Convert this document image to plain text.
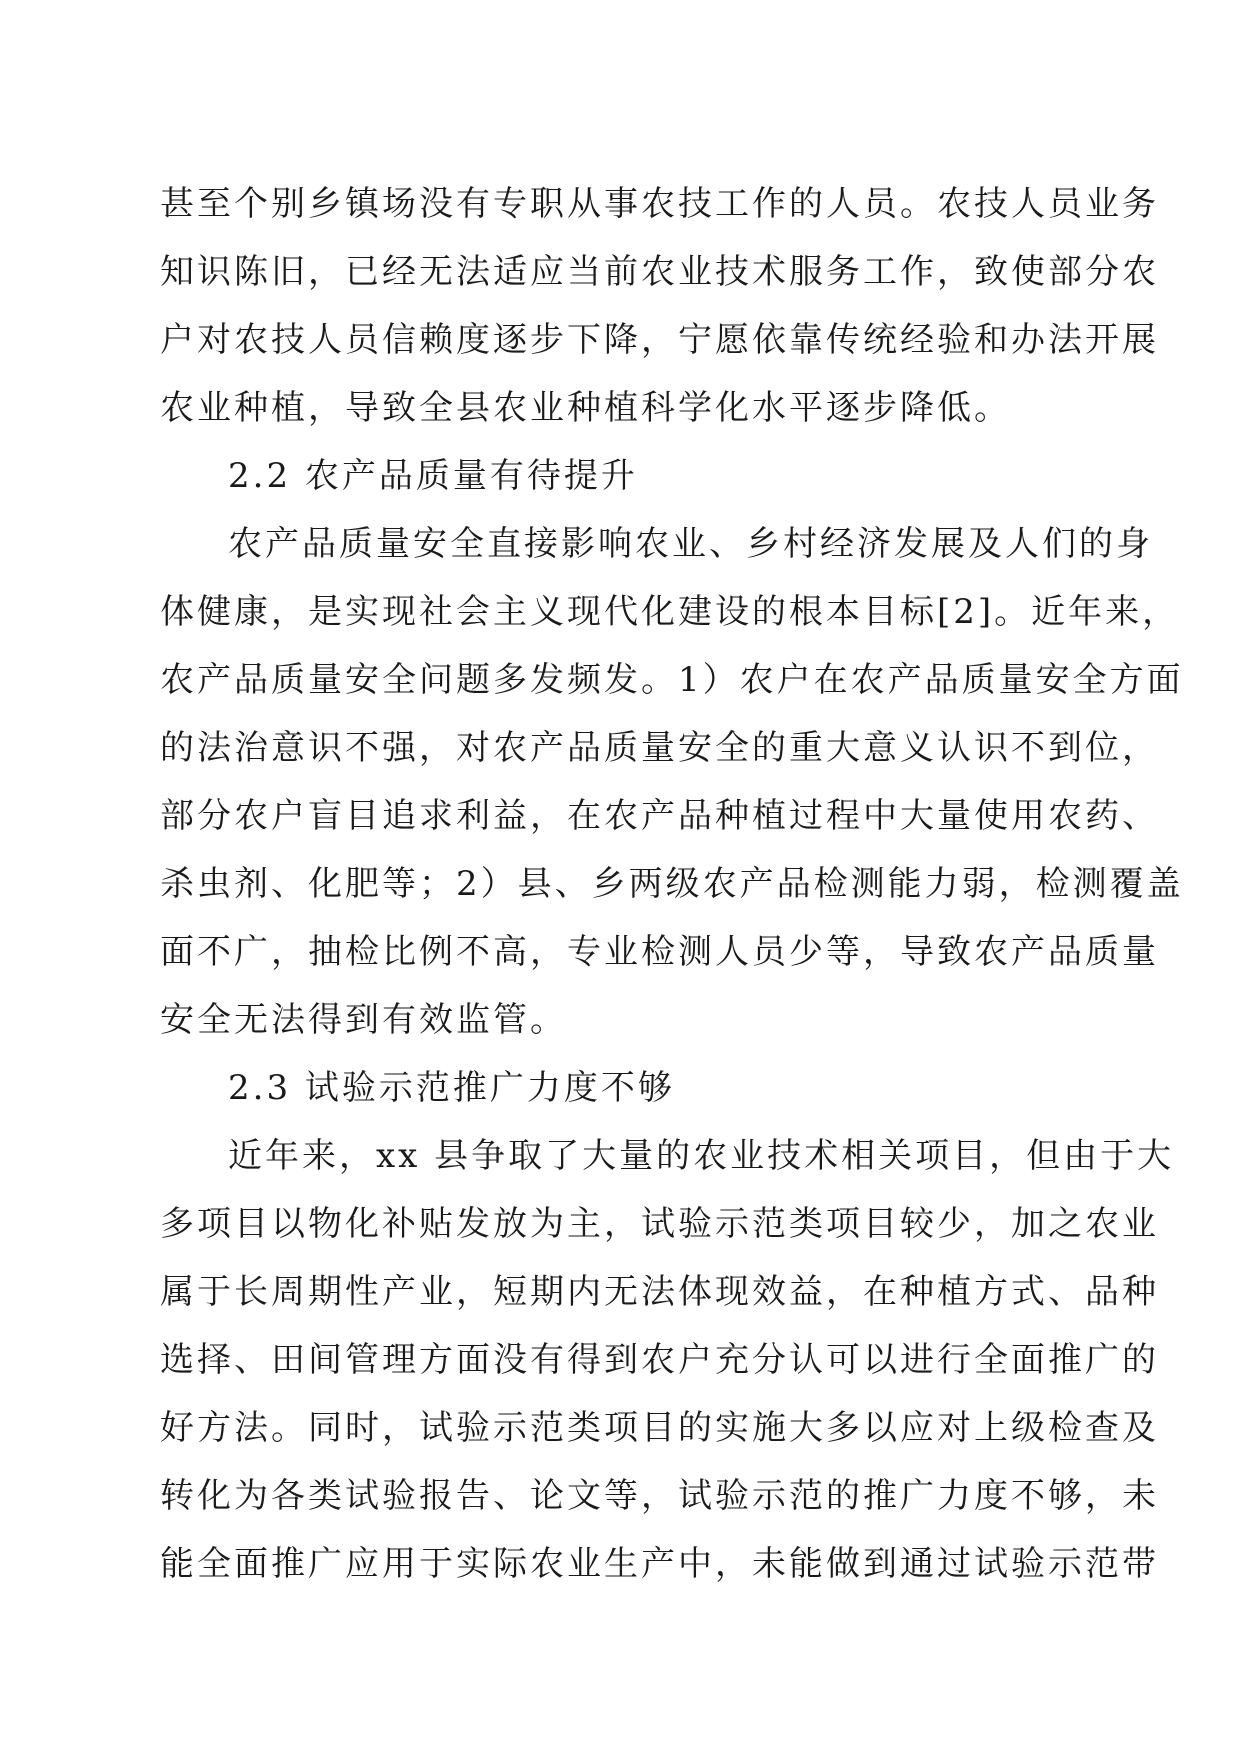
甚至个别乡镇场没有专职从事农技工作的人员。农技人员业务
知识陈旧，已经无法适应当前农业技术服务工作，致使部分农
户对农技人员信赖度逐步下降，宁愿依靠传统经验和办法开展
农业种植，导致全县农业种植科学化水平逐步降低。
2.2 农产品质量有待提升
农产品质量安全直接影响农业、乡村经济发展及人们的身
体健康，是实现社会主义现代化建设的根本目标[2]。近年来，
农产品质量安全问题多发频发。1）农户在农产品质量安全方面
的法治意识不强，对农产品质量安全的重大意义认识不到位，
部分农户盲目追求利益，在农产品种植过程中大量使用农药、
杀虫剂、化肥等；2）县、乡两级农产品检测能力弱，检测覆盖
面不广，抽检比例不高，专业检测人员少等，导致农产品质量
安全无法得到有效监管。
2.3 试验示范推广力度不够
近年来，xx 县争取了大量的农业技术相关项目，但由于大
多项目以物化补贴发放为主，试验示范类项目较少，加之农业
属于长周期性产业，短期内无法体现效益，在种植方式、品种
选择、田间管理方面没有得到农户充分认可以进行全面推广的
好方法。同时，试验示范类项目的实施大多以应对上级检查及
转化为各类试验报告、论文等，试验示范的推广力度不够，未
能全面推广应用于实际农业生产中，未能做到通过试验示范带
